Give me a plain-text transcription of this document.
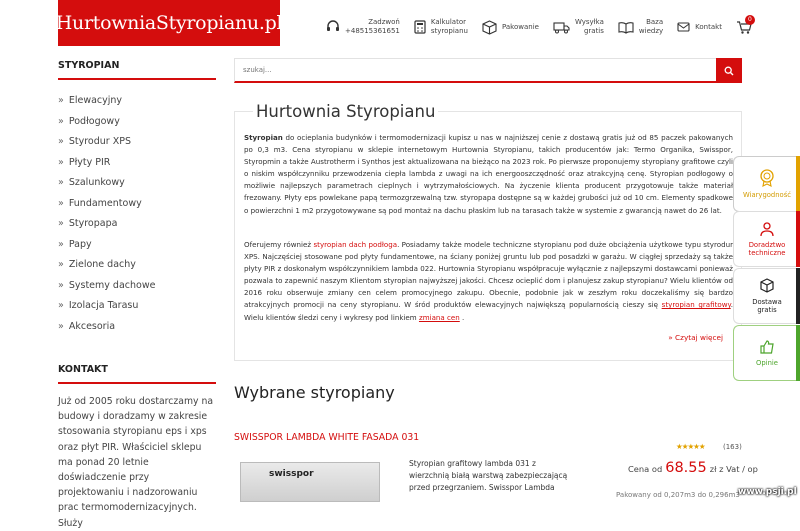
HurtowniaStyropianu.pl	Zadzwoń
+48515361651
Kalkulator
styropianu
Pakowanie
Wysyłka
gratis
Baza
wiedzy
Kontakt
0
szukaj...
STYROPIAN
» Elewacyjny
» Podłogowy
» Styrodur XPS
» Płyty PIR
» Szalunkowy
» Fundamentowy
» Styropapa
» Papy
» Zielone dachy
» Systemy dachowe
» Izolacja Tarasu
» Akcesoria
KONTAKT
Już od 2005 roku dostarczamy na budowy i doradzamy w zakresie stosowania styropianu eps i xps oraz płyt PIR. Właściciel sklepu ma ponad 20 letnie doświadczenie przy projektowaniu i nadzorowaniu prac termomodernizacyjnych. Służy
Hurtownia Styropianu

Styropian do ocieplania budynków i termomodernizacji kupisz u nas w najniższej cenie z dostawą gratis już od 85 paczek pakowanych po 0,3 m3. Cena styropianu w sklepie internetowym Hurtownia Styropianu, takich producentów jak: Termo Organika, Swisspor, Styropmin a także Austrotherm i Synthos jest aktualizowana na bieżąco na 2023 rok. Po pierwsze proponujemy styropiany grafitowe czyli o niskim współczynniku przewodzenia ciepła lambda z uwagi na ich energooszczędność oraz atrakcyjną cenę. Styropian podłogowy o możliwie najlepszych parametrach cieplnych i wytrzymałościowych. Na życzenie klienta producent przygotowuje także materiał frezowany. Płyty eps powlekane papą termozgrzewalną tzw. styropapa dostępne są w każdej grubości już od 10 cm. Elementy spadkowe o powierzchni 1 m2 przygotowywane są pod montaż na dachu płaskim lub na tarasach także w systemie z gwarancją nawet do 26 lat.

Oferujemy również styropian dach podłoga. Posiadamy także modele techniczne styropianu pod duże obciążenia użytkowe typu styrodur XPS. Najczęściej stosowane pod płyty fundamentowe, na ściany poniżej gruntu lub pod posadzki w garażu. W ciągłej sprzedaży są także płyty PIR z doskonałym współczynnikiem lambda 022. Hurtownia Styropianu współpracuje wyłącznie z najlepszymi dostawcami ponieważ pozwala to zapewnić naszym Klientom styropian najwyższej jakości. Chcesz ocieplić dom i planujesz zakup styropianu? Wielu klientów od 2016 roku obserwuje zmiany cen celem promocyjnego zakupu. Obecnie, podobnie jak w zeszłym roku doczekaliśmy się bardzo atrakcyjnych promocji na ceny styropianu. W śród produktów elewacyjnych największą popularnością cieszy się styropian grafitowy. Wielu klientów śledzi ceny i wykresy pod linkiem zmiana cen .

» Czytaj więcej
Wybrane styropiany
SWISSPOR LAMBDA WHITE FASADA 031
★★★★★	(163)
swisspor
Styropian grafitowy lambda 031 z wierzchnią białą warstwą zabezpieczającą przed przegrzaniem. Swisspor Lambda
Cena od 68.55 zł z Vat / op
Pakowany od 0,207m3 do 0,296m3
Wiarygodność
Doradztwo
techniczne
Dostawa
gratis
Opinie
www.psji.pl
